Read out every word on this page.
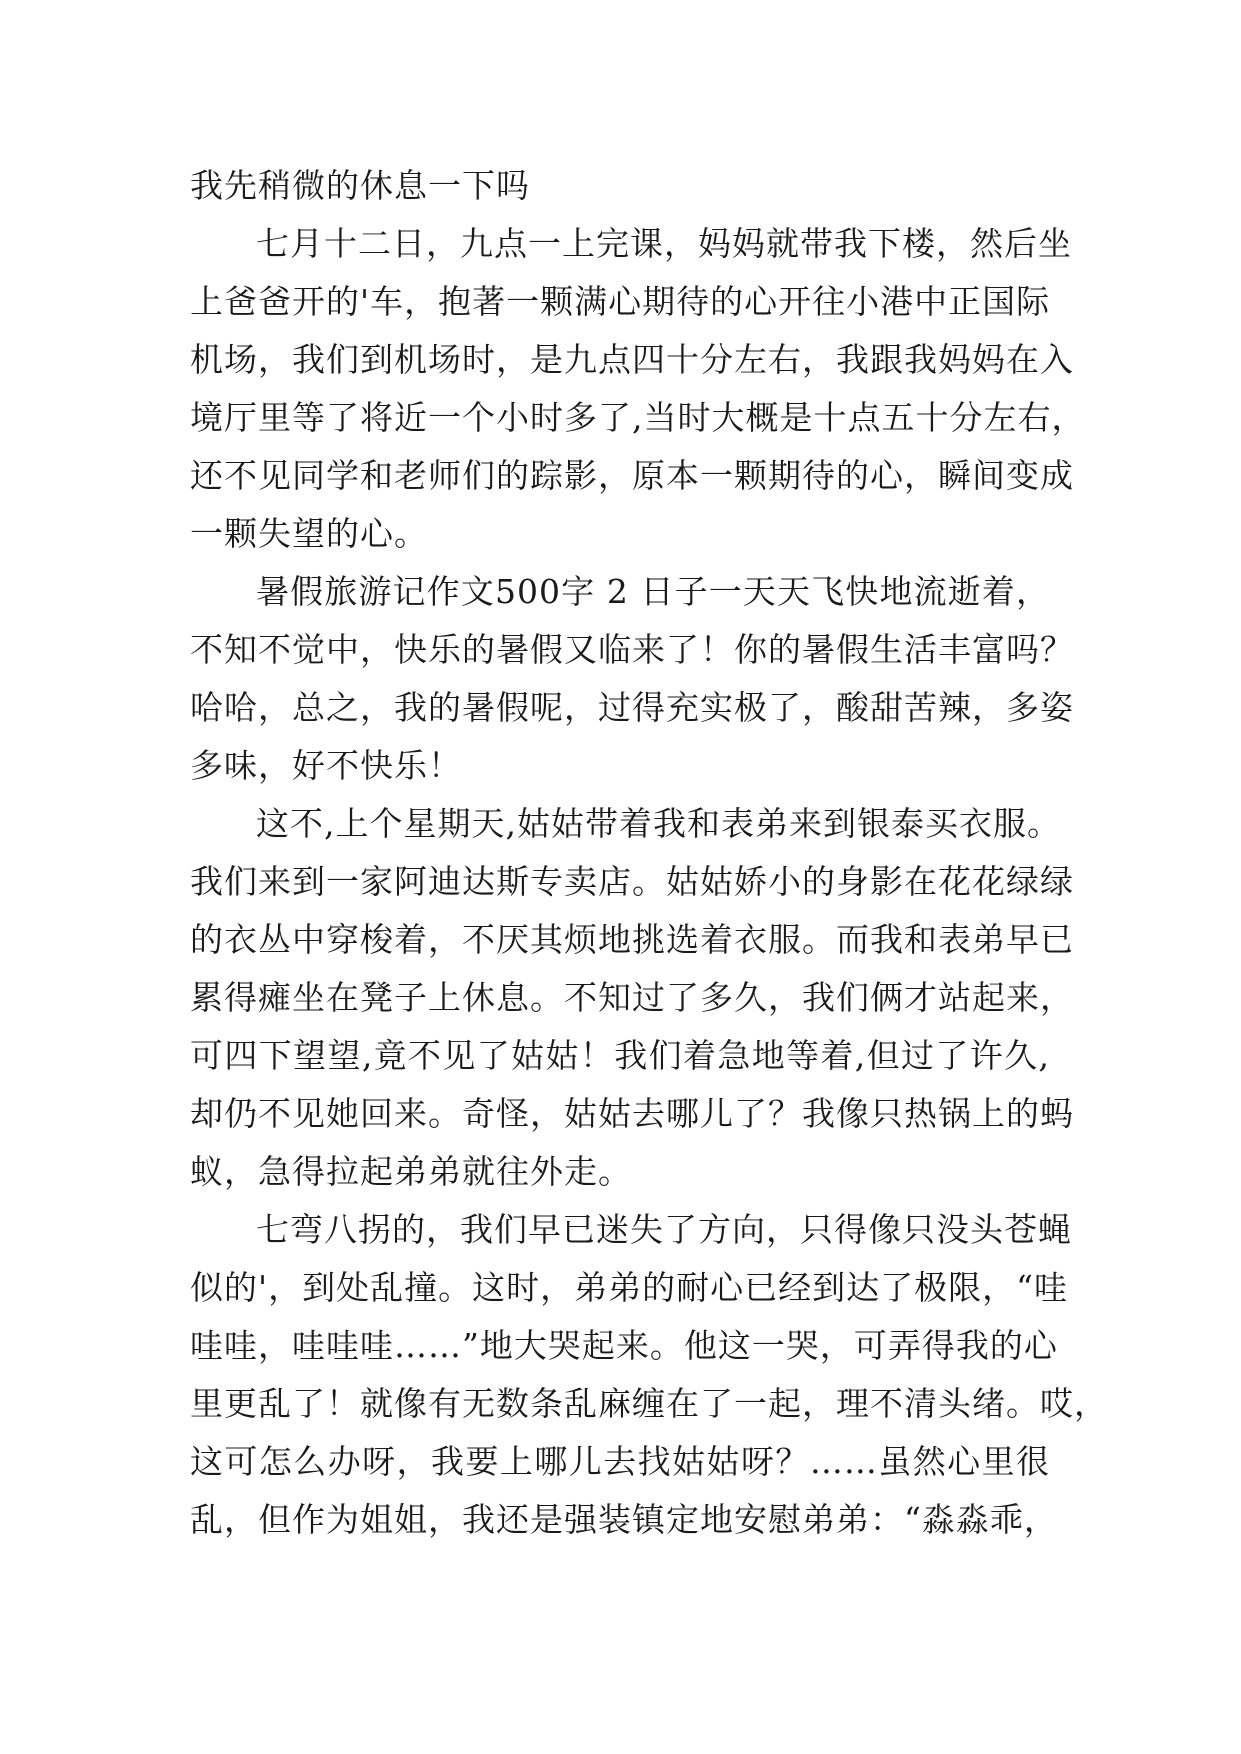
我先稍微的休息一下吗
七月十二日，九点一上完课，妈妈就带我下楼，然后坐
上爸爸开的'车，抱著一颗满心期待的心开往小港中正国际
机场，我们到机场时，是九点四十分左右，我跟我妈妈在入
境厅里等了将近一个小时多了,当时大概是十点五十分左右，
还不见同学和老师们的踪影，原本一颗期待的心，瞬间变成
一颗失望的心。
暑假旅游记作文500字 2 日子一天天飞快地流逝着，
不知不觉中，快乐的暑假又临来了！你的暑假生活丰富吗？
哈哈，总之，我的暑假呢，过得充实极了，酸甜苦辣，多姿
多味，好不快乐！
这不,上个星期天,姑姑带着我和表弟来到银泰买衣服。
我们来到一家阿迪达斯专卖店。姑姑娇小的身影在花花绿绿
的衣丛中穿梭着，不厌其烦地挑选着衣服。而我和表弟早已
累得瘫坐在凳子上休息。不知过了多久，我们俩才站起来，
可四下望望,竟不见了姑姑！我们着急地等着,但过了许久,
却仍不见她回来。奇怪，姑姑去哪儿了？我像只热锅上的蚂
蚁，急得拉起弟弟就往外走。
七弯八拐的，我们早已迷失了方向，只得像只没头苍蝇
似的'，到处乱撞。这时，弟弟的耐心已经到达了极限，“哇
哇哇，哇哇哇……”地大哭起来。他这一哭，可弄得我的心
里更乱了！就像有无数条乱麻缠在了一起，理不清头绪。哎，
这可怎么办呀，我要上哪儿去找姑姑呀？……虽然心里很
乱，但作为姐姐，我还是强装镇定地安慰弟弟：“淼淼乖，
